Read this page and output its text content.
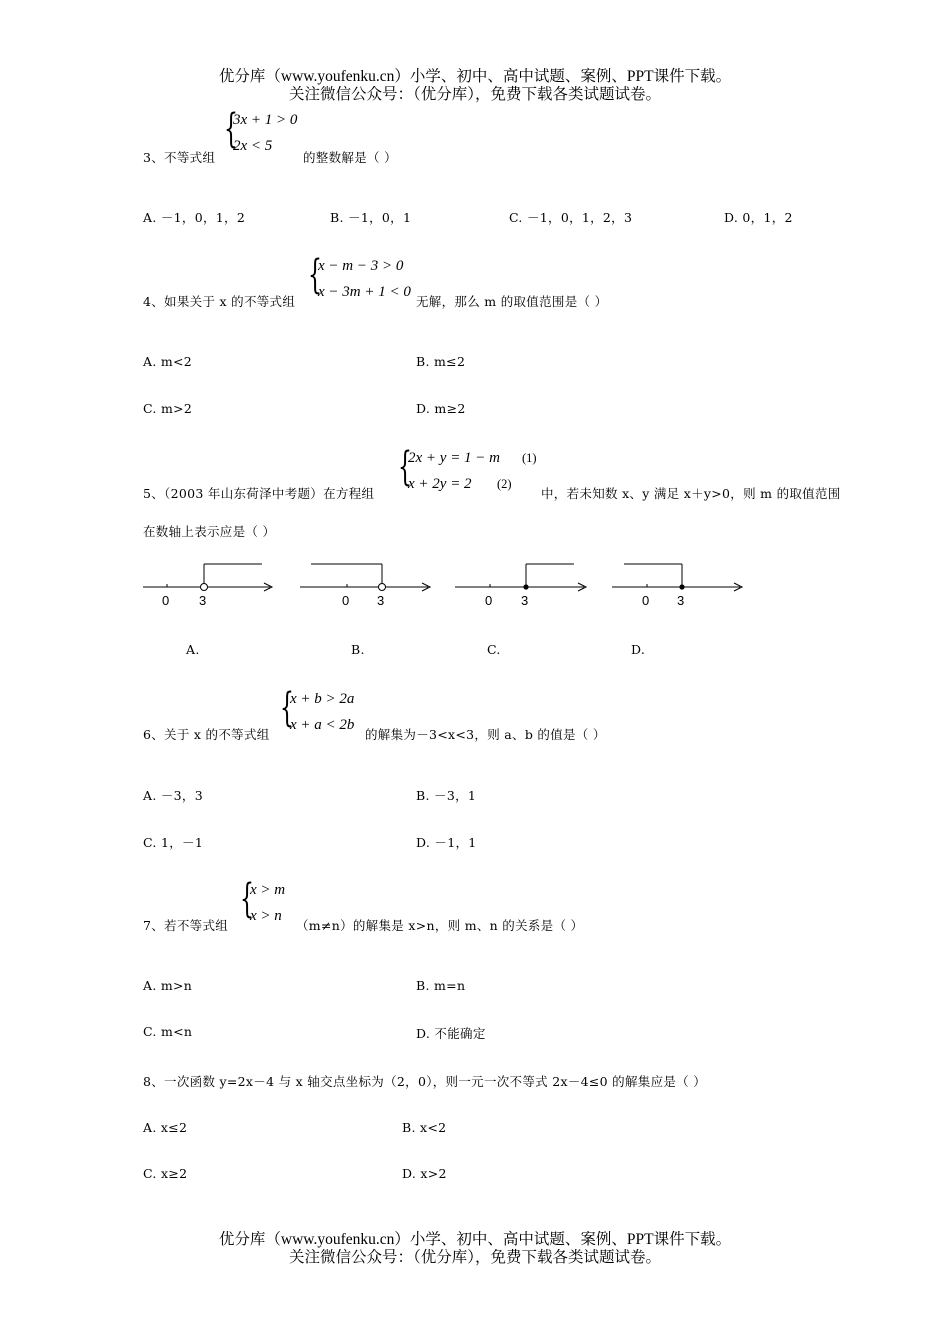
优分库（www.youfenku.cn）小学、初中、高中试题、案例、PPT课件下载。
关注微信公众号：（优分库），免费下载各类试题试卷。
{
3x + 1 > 0
2x < 5
3、不等式组	的整数解是（ ）
A. －1，0，1，2	B. －1，0，1	C. －1，0，1，2，3	D. 0，1，2
{
x − m − 3 > 0
x − 3m + 1 < 0
4、如果关于 x 的不等式组	无解，那么 m 的取值范围是（ ）
A. m<2	B. m≤2
C. m>2	D. m≥2
{
2x + y = 1 − m (1)
x + 2y = 2 (2)
5、（2003 年山东荷泽中考题）在方程组	中，若未知数 x、y 满足 x＋y>0，则 m 的取值范围
在数轴上表示应是（ ）
0 3	0 3	0 3	0 3
A.	B.	C.	D.
{
x + b > 2a
x + a < 2b
6、关于 x 的不等式组	的解集为－3<x<3，则 a、b 的值是（ ）
A. －3，3	B. －3，1
C. 1，－1	D. －1，1
{
x > m
x > n
7、若不等式组	（m≠n）的解集是 x>n，则 m、n 的关系是（ ）
A. m>n	B. m=n
C. m<n	D. 不能确定
8、一次函数 y=2x－4 与 x 轴交点坐标为（2，0），则一元一次不等式 2x－4≤0 的解集应是（ ）
A. x≤2	B. x<2
C. x≥2	D. x>2
优分库（www.youfenku.cn）小学、初中、高中试题、案例、PPT课件下载。
关注微信公众号：（优分库），免费下载各类试题试卷。
